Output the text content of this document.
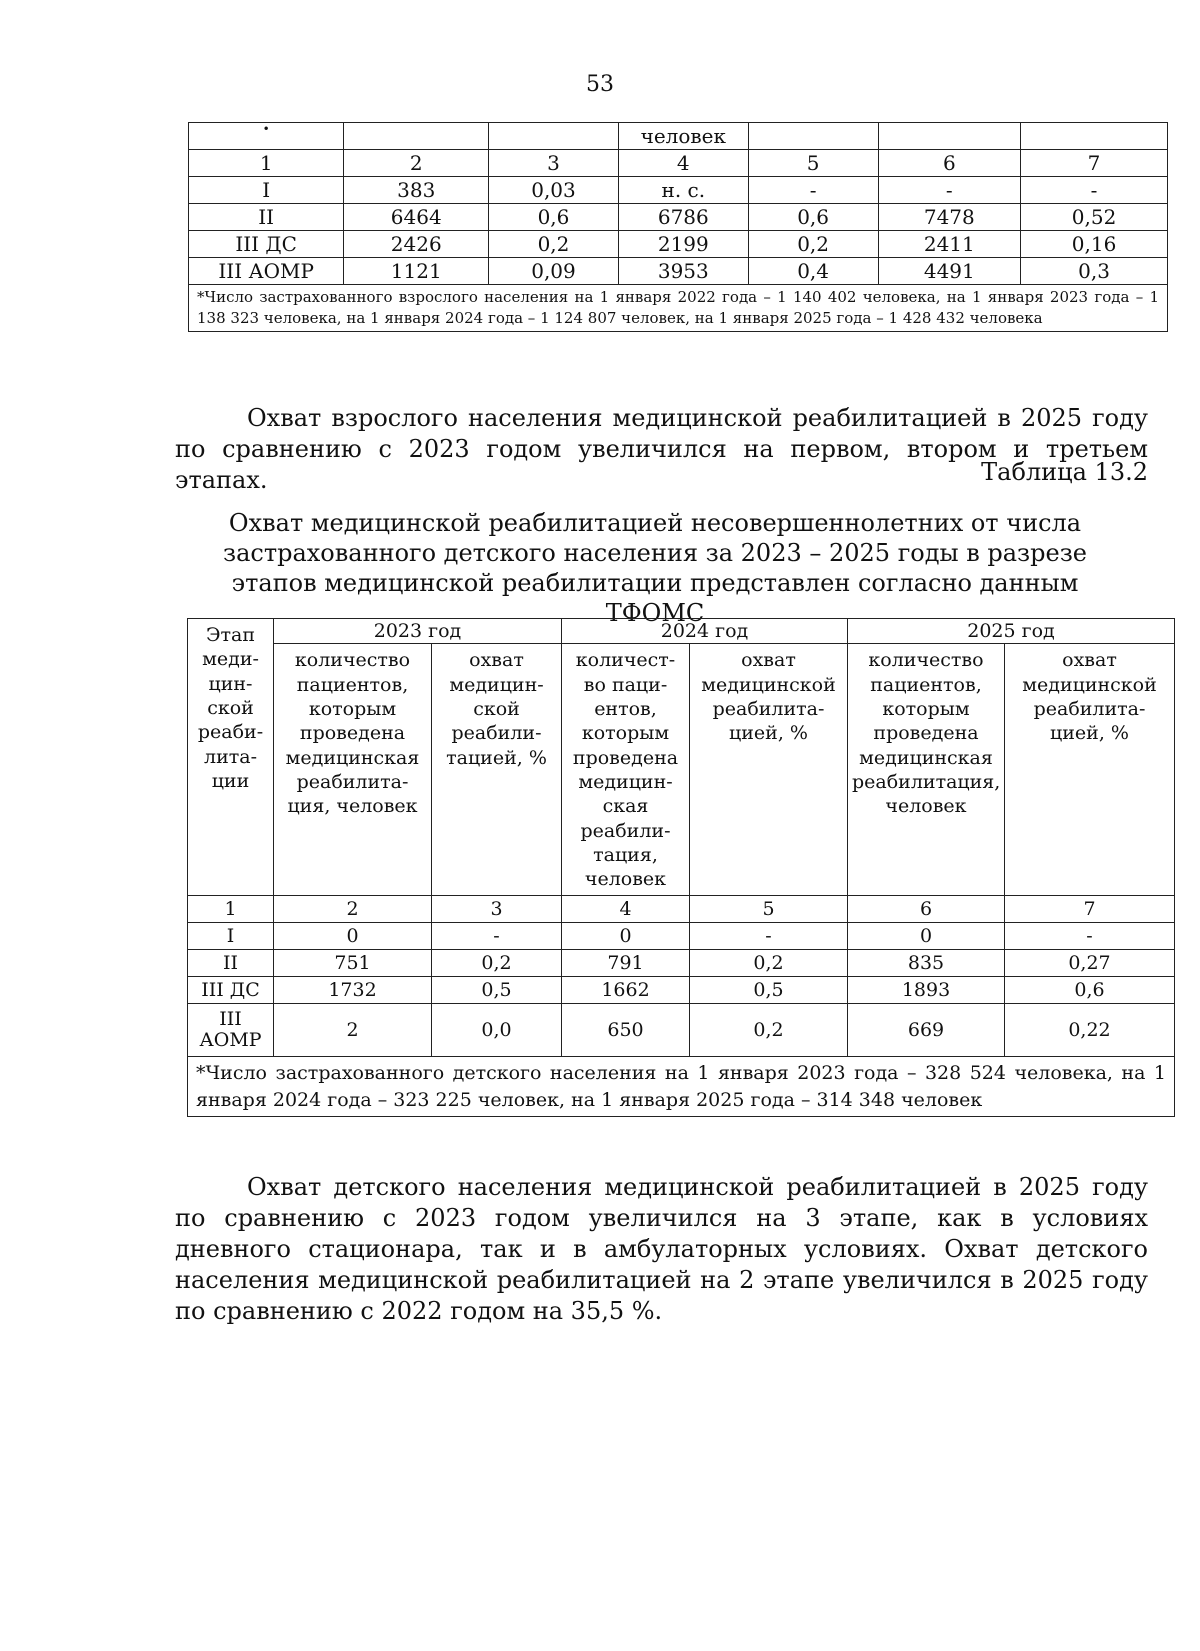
53
•			человек			
1	2	3	4	5	6	7
I	383	0,03	н. с.	-	-	-
II	6464	0,6	6786	0,6	7478	0,52
III ДС	2426	0,2	2199	0,2	2411	0,16
III АОМР	1121	0,09	3953	0,4	4491	0,3
*Число застрахованного взрослого населения на 1 января 2022 года – 1 140 402 человека, на 1 января 2023 года – 1 138 323 человека, на 1 января 2024 года – 1 124 807 человек, на 1 января 2025 года – 1 428 432 человека						

Охват взрослого населения медицинской реабилитацией в 2025 году по сравнению с 2023 годом увеличился на первом, втором и третьем этапах.	Таблица 13.2
Охват медицинской реабилитацией несовершеннолетних от числа застрахованного детского населения за 2023 – 2025 годы в разрезе этапов медицинской реабилитации представлен согласно данным ТФОМС
Этап меди-цин-ской реаби-лита-ции	2023 год		2024 год		2025 год	
	количество пациентов, которым проведена медицинская реабилита-ция, человек	охват медицин-ской реабили-тацией, %	количест-во паци-ентов, которым проведена медицин-ская реабили-тация, человек	охват медицинской реабилита-цией, %	количество пациентов, которым проведена медицинская реабилитация, человек	охват медицинской реабилита-цией, %
1	2	3	4	5	6	7
I	0	-	0	-	0	-
II	751	0,2	791	0,2	835	0,27
III ДС	1732	0,5	1662	0,5	1893	0,6
III АОМР	2	0,0	650	0,2	669	0,22
*Число застрахованного детского населения на 1 января 2023 года – 328 524 человека, на 1 января 2024 года – 323 225 человек, на 1 января 2025 года – 314 348 человек						

Охват детского населения медицинской реабилитацией в 2025 году по сравнению с 2023 годом увеличился на 3 этапе, как в условиях дневного стационара, так и в амбулаторных условиях. Охват детского населения медицинской реабилитацией на 2 этапе увеличился в 2025 году по сравнению с 2022 годом на 35,5 %.
